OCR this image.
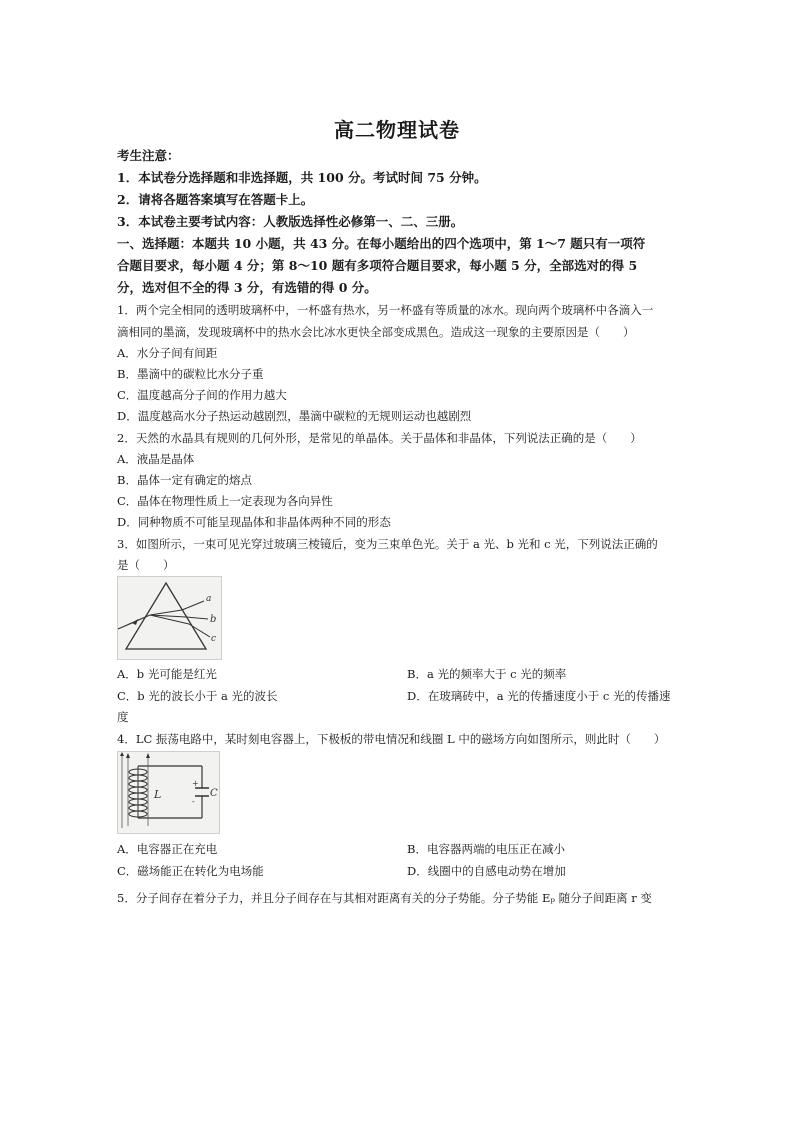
高二物理试卷
考生注意：
1．本试卷分选择题和非选择题，共 100 分。考试时间 75 分钟。
2．请将各题答案填写在答题卡上。
3．本试卷主要考试内容：人教版选择性必修第一、二、三册。
一、选择题：本题共 10 小题，共 43 分。在每小题给出的四个选项中，第 1～7 题只有一项符
合题目要求，每小题 4 分；第 8～10 题有多项符合题目要求，每小题 5 分，全部选对的得 5
分，选对但不全的得 3 分，有选错的得 0 分。
1．两个完全相同的透明玻璃杯中，一杯盛有热水，另一杯盛有等质量的冰水。现向两个玻璃杯中各滴入一
滴相同的墨滴，发现玻璃杯中的热水会比冰水更快全部变成黑色。造成这一现象的主要原因是（　　）
A．水分子间有间距
B．墨滴中的碳粒比水分子重
C．温度越高分子间的作用力越大
D．温度越高水分子热运动越剧烈，墨滴中碳粒的无规则运动也越剧烈
2．天然的水晶具有规则的几何外形，是常见的单晶体。关于晶体和非晶体，下列说法正确的是（　　）
A．液晶是晶体
B．晶体一定有确定的熔点
C．晶体在物理性质上一定表现为各向异性
D．同种物质不可能呈现晶体和非晶体两种不同的形态
3．如图所示，一束可见光穿过玻璃三棱镜后，变为三束单色光。关于 a 光、b 光和 c 光，下列说法正确的
是（　　）
a
b
c
A．b 光可能是红光	B．a 光的频率大于 c 光的频率
C．b 光的波长小于 a 光的波长	D．在玻璃砖中，a 光的传播速度小于 c 光的传播速
度
4．LC 振荡电路中，某时刻电容器上，下极板的带电情况和线圈 L 中的磁场方向如图所示，则此时（　　）
+
-
C
L
A．电容器正在充电	B．电容器两端的电压正在减小
C．磁场能正在转化为电场能	D．线圈中的自感电动势在增加
5．分子间存在着分子力，并且分子间存在与其相对距离有关的分子势能。分子势能 Eₚ 随分子间距离 r 变
